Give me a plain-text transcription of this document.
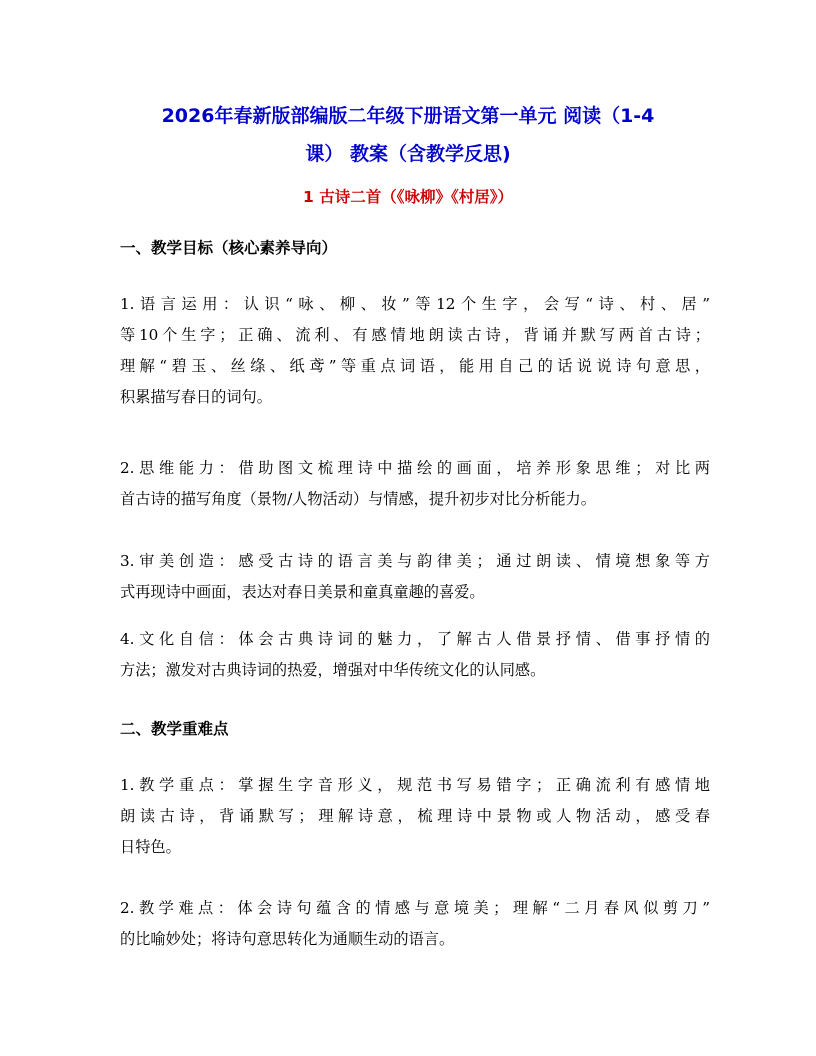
2026年春新版部编版二年级下册语文第一单元 阅读（1-4
课） 教案（含教学反思)
1 古诗二首（《咏柳》《村居》）
一、教学目标（核心素养导向）

1.语言运用：认识“咏、柳、妆”等12个生字，会写“诗、村、居”
等10个生字；正确、流利、有感情地朗读古诗，背诵并默写两首古诗；
理解“碧玉、丝绦、纸鸢”等重点词语，能用自己的话说说诗句意思，
积累描写春日的词句。

2.思维能力：借助图文梳理诗中描绘的画面，培养形象思维；对比两
首古诗的描写角度（景物/人物活动）与情感，提升初步对比分析能力。

3.审美创造：感受古诗的语言美与韵律美；通过朗读、情境想象等方
式再现诗中画面，表达对春日美景和童真童趣的喜爱。

4.文化自信：体会古典诗词的魅力，了解古人借景抒情、借事抒情的
方法；激发对古典诗词的热爱，增强对中华传统文化的认同感。

二、教学重难点

1.教学重点：掌握生字音形义，规范书写易错字；正确流利有感情地
朗读古诗，背诵默写；理解诗意，梳理诗中景物或人物活动，感受春
日特色。

2.教学难点：体会诗句蕴含的情感与意境美；理解“二月春风似剪刀”
的比喻妙处；将诗句意思转化为通顺生动的语言。
